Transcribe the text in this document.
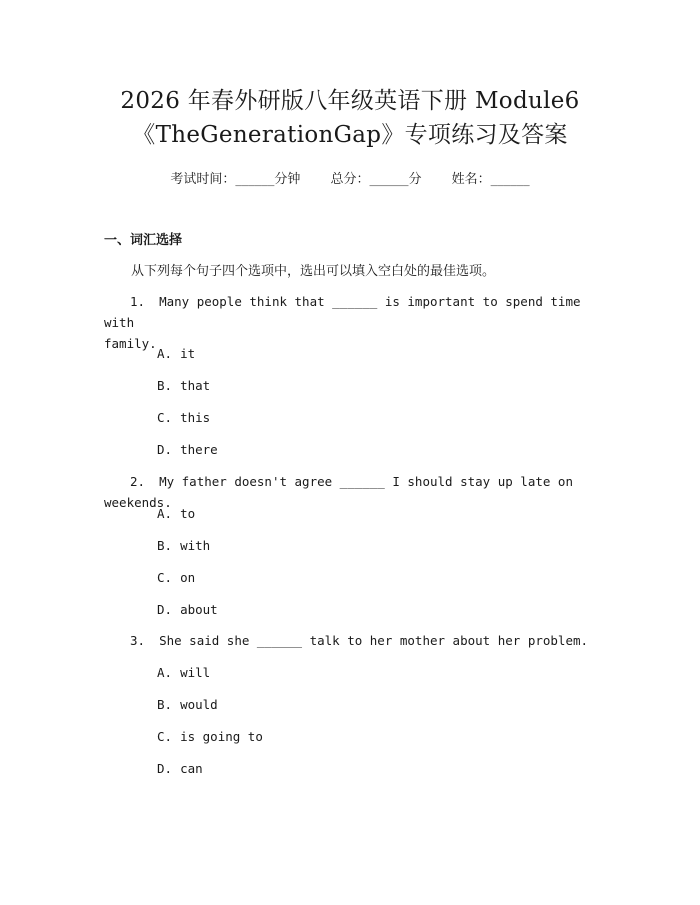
2026 年春外研版八年级英语下册 Module6
《TheGenerationGap》专项练习及答案
考试时间：______分钟 总分：______分 姓名：______
一、词汇选择
从下列每个句子四个选项中，选出可以填入空白处的最佳选项。
1. Many people think that ______ is important to spend time with
family.
A. it
B. that
C. this
D. there
2. My father doesn't agree ______ I should stay up late on weekends.
A. to
B. with
C. on
D. about
3. She said she ______ talk to her mother about her problem.
A. will
B. would
C. is going to
D. can
